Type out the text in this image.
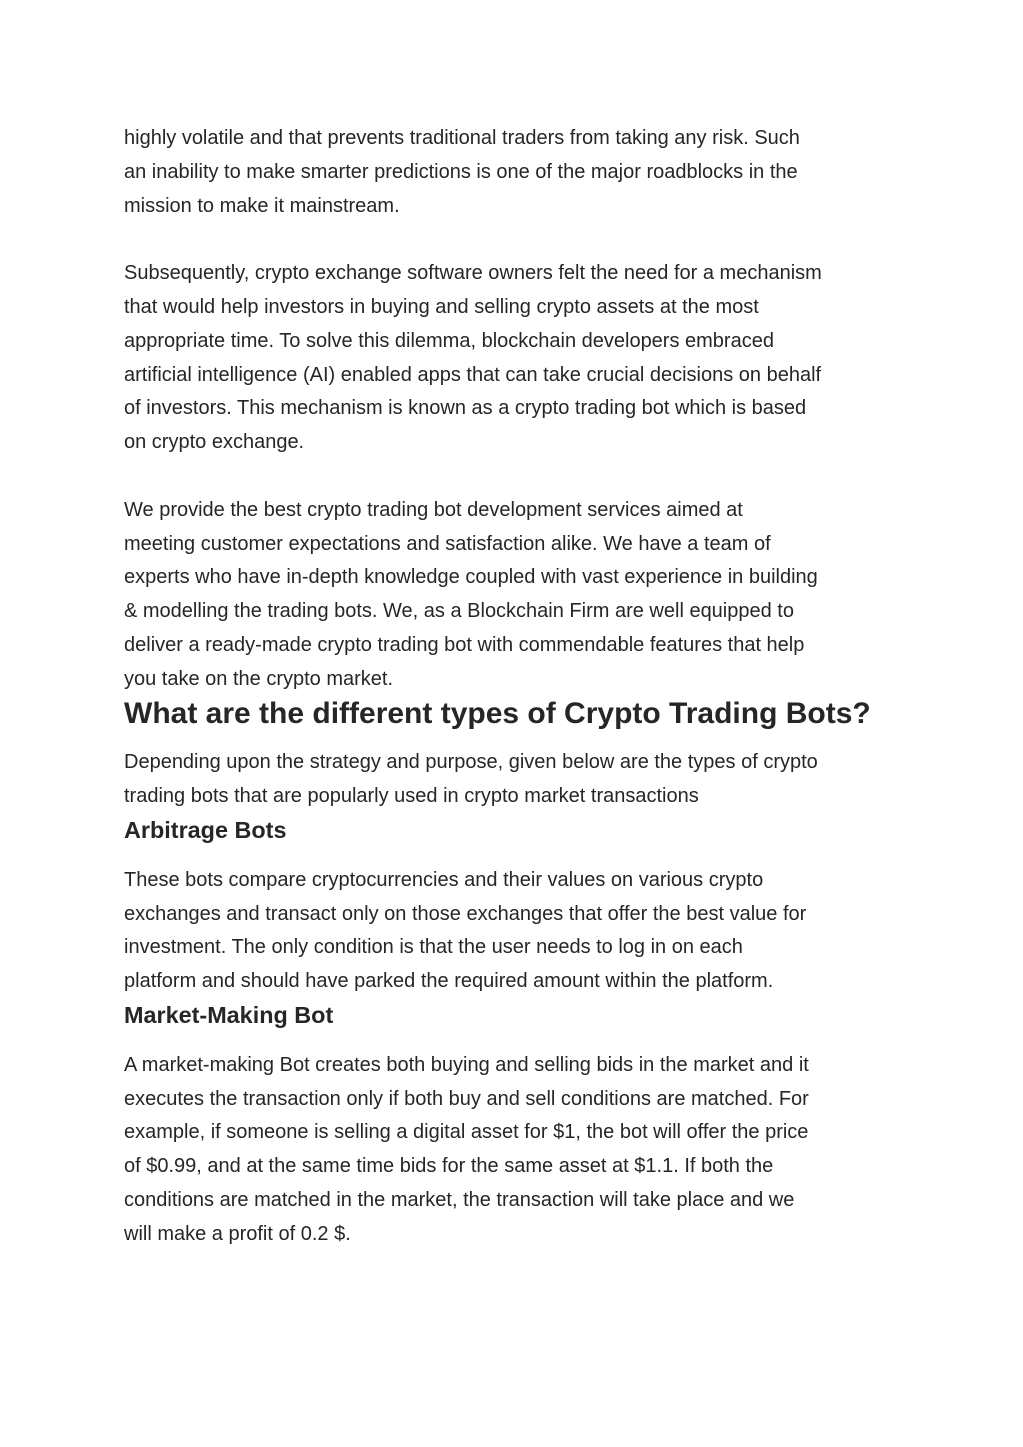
highly volatile and that prevents traditional traders from taking any risk. Such
an inability to make smarter predictions is one of the major roadblocks in the
mission to make it mainstream.

Subsequently, crypto exchange software owners felt the need for a mechanism
that would help investors in buying and selling crypto assets at the most
appropriate time. To solve this dilemma, blockchain developers embraced
artificial intelligence (AI) enabled apps that can take crucial decisions on behalf
of investors. This mechanism is known as a crypto trading bot which is based
on crypto exchange.

We provide the best crypto trading bot development services aimed at
meeting customer expectations and satisfaction alike. We have a team of
experts who have in-depth knowledge coupled with vast experience in building
& modelling the trading bots. We, as a Blockchain Firm are well equipped to
deliver a ready-made crypto trading bot with commendable features that help
you take on the crypto market.

What are the different types of Crypto Trading Bots?

Depending upon the strategy and purpose, given below are the types of crypto
trading bots that are popularly used in crypto market transactions

Arbitrage Bots

These bots compare cryptocurrencies and their values on various crypto
exchanges and transact only on those exchanges that offer the best value for
investment. The only condition is that the user needs to log in on each
platform and should have parked the required amount within the platform.

Market-Making Bot

A market-making Bot creates both buying and selling bids in the market and it
executes the transaction only if both buy and sell conditions are matched. For
example, if someone is selling a digital asset for $1, the bot will offer the price
of $0.99, and at the same time bids for the same asset at $1.1. If both the
conditions are matched in the market, the transaction will take place and we
will make a profit of 0.2 $.
